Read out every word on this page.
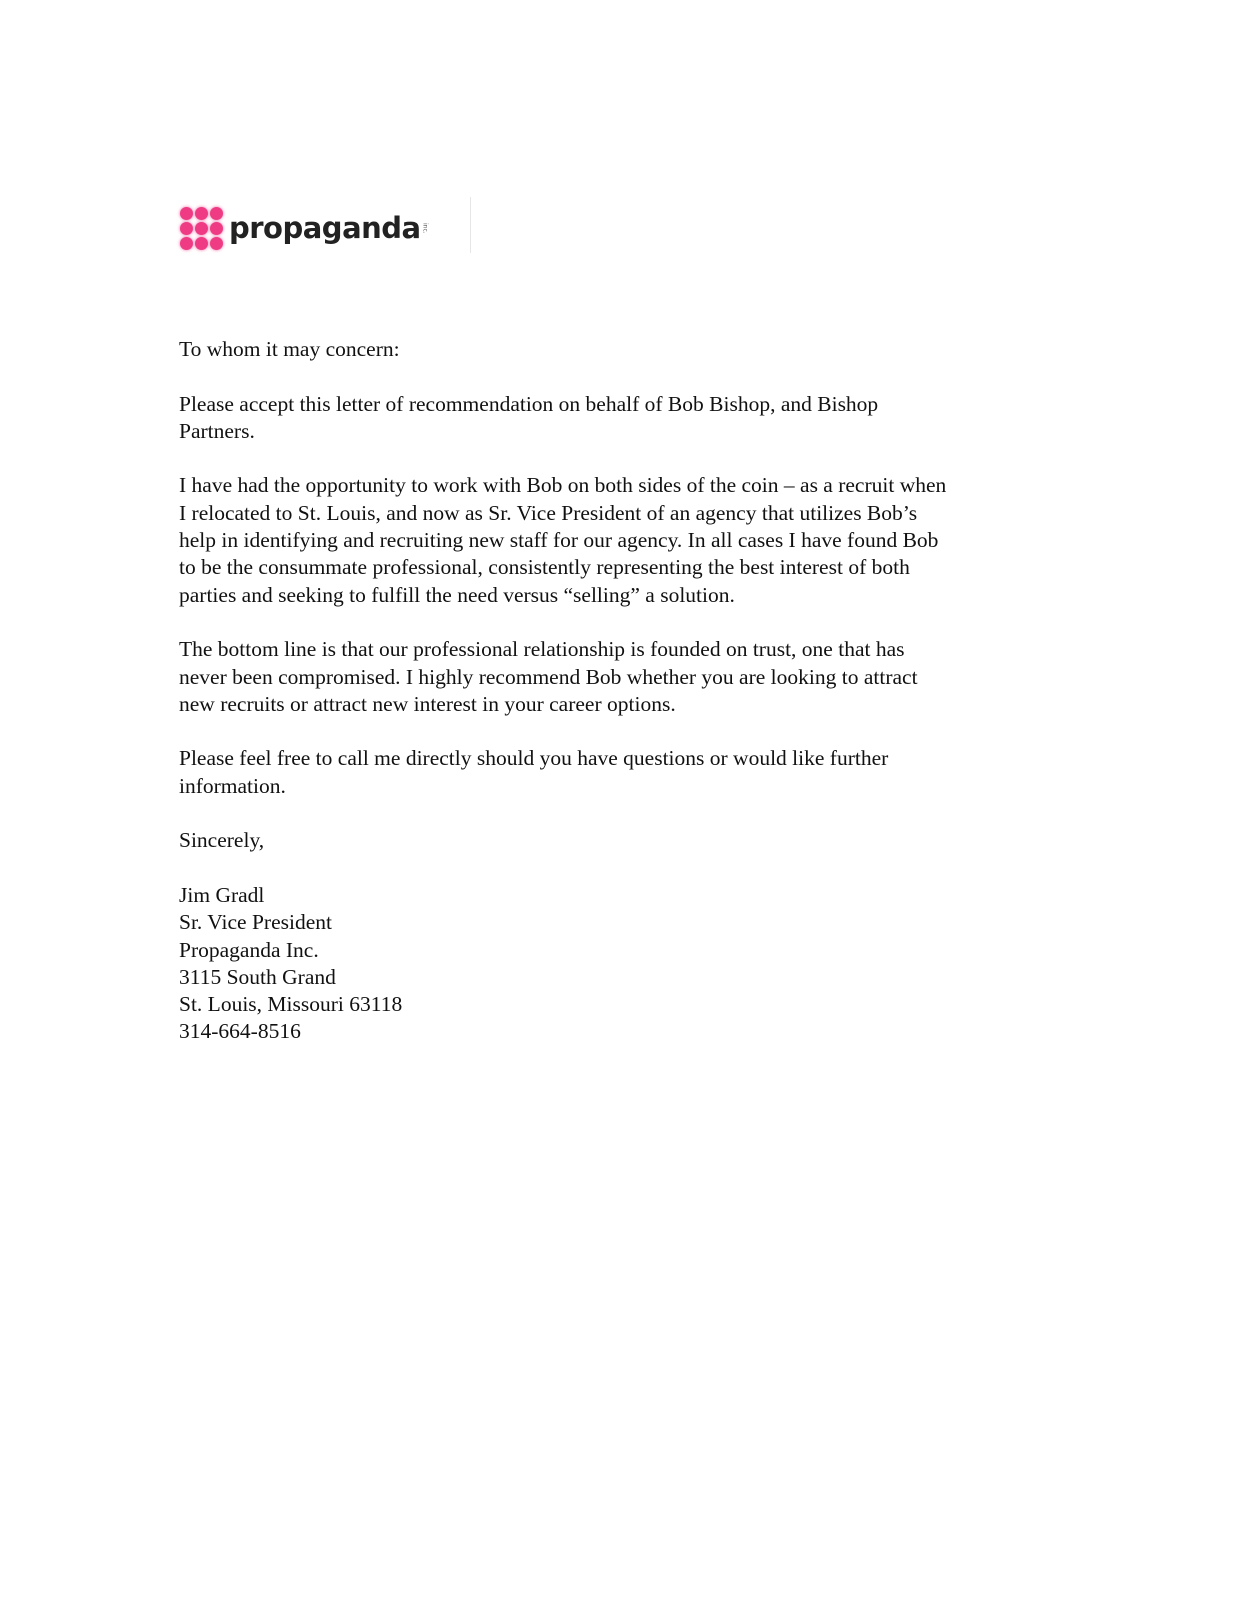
propaganda inc.
To whom it may concern:
Please accept this letter of recommendation on behalf of Bob Bishop, and Bishop
Partners.
I have had the opportunity to work with Bob on both sides of the coin – as a recruit when
I relocated to St. Louis, and now as Sr. Vice President of an agency that utilizes Bob’s
help in identifying and recruiting new staff for our agency. In all cases I have found Bob
to be the consummate professional, consistently representing the best interest of both
parties and seeking to fulfill the need versus “selling” a solution.
The bottom line is that our professional relationship is founded on trust, one that has
never been compromised. I highly recommend Bob whether you are looking to attract
new recruits or attract new interest in your career options.
Please feel free to call me directly should you have questions or would like further
information.
Sincerely,
Jim Gradl
Sr. Vice President
Propaganda Inc.
3115 South Grand
St. Louis, Missouri 63118
314-664-8516
